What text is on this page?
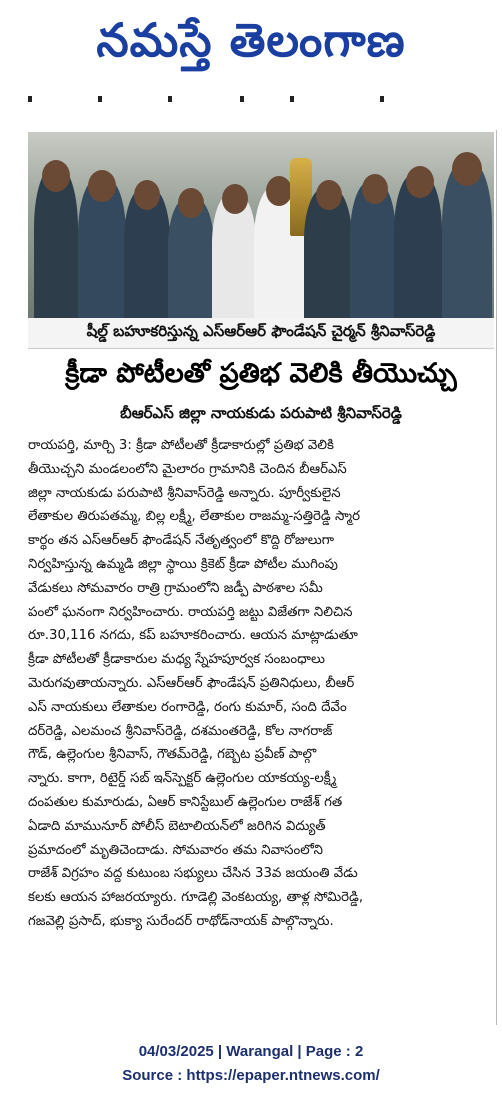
నమస్తే తెలంగాణ
షీల్డ్ బహూకరిస్తున్న ఎస్ఆర్ఆర్ ఫౌండేషన్ చైర్మన్ శ్రీనివాస్‌రెడ్డి
క్రీడా పోటీలతో ప్రతిభ వెలికి తీయొచ్చు
బీఆర్ఎస్ జిల్లా నాయకుడు పరుపాటి శ్రీనివాస్‌రెడ్డి
రాయపర్తి, మార్చి 3: క్రీడా పోటీలతో క్రీడాకారుల్లో ప్రతిభ వెలికి
తీయొచ్చని మండలంలోని మైలారం గ్రామానికి చెందిన బీఆర్ఎస్
జిల్లా నాయకుడు పరుపాటి శ్రీనివాస్‌రెడ్డి అన్నారు. పూర్వీకులైన
లేతాకుల తిరుపతమ్మ, బిల్ల లక్ష్మీ, లేతాకుల రాజమ్మ-సత్తిరెడ్డి స్మార
కార్థం తన ఎస్ఆర్ఆర్ ఫౌండేషన్ నేతృత్వంలో కొద్ది రోజులుగా
నిర్వహిస్తున్న ఉమ్మడి జిల్లా స్థాయి క్రికెట్ క్రీడా పోటీల ముగింపు
వేడుకలు సోమవారం రాత్రి గ్రామంలోని జడ్పీ పాఠశాల సమీ
పంలో ఘనంగా నిర్వహించారు. రాయపర్తి జట్టు విజేతగా నిలిచిన
రూ.30,116 నగదు, కప్ బహూకరించారు. ఆయన మాట్లాడుతూ
క్రీడా పోటీలతో క్రీడాకారుల మధ్య స్నేహపూర్వక సంబంధాలు
మెరుగవుతాయన్నారు. ఎస్ఆర్ఆర్ ఫౌండేషన్ ప్రతినిధులు, బీఆర్
ఎస్ నాయకులు లేతాకుల రంగారెడ్డి, రంగు కుమార్, సంది దేవేం
దర్‌రెడ్డి, ఎలమంచ శ్రీనివాస్‌రెడ్డి, దశమంతరెడ్డి, కోల నాగరాజ్
గౌడ్, ఉల్లెంగుల శ్రీనివాస్, గౌతమ్‌రెడ్డి, గబ్బెట ప్రవీణ్ పాల్గొ
న్నారు. కాగా, రిటైర్డ్ సబ్ ఇన్‌స్పెక్టర్ ఉల్లెంగుల యాకయ్య-లక్ష్మీ
దంపతుల కుమారుడు, ఏఆర్ కానిస్టేబుల్ ఉల్లెంగుల రాజేశ్ గత
ఏడాది మామునూర్ పోలీస్ బెటాలియన్‌లో జరిగిన విద్యుత్
ప్రమాదంలో మృతిచెందాడు. సోమవారం తమ నివాసంలోని
రాజేశ్ విగ్రహం వద్ద కుటుంబ సభ్యులు చేసిన 33వ జయంతి వేడు
కలకు ఆయన హాజరయ్యారు. గూడెల్లి వెంకటయ్య, తాళ్ల సోమిరెడ్డి,
గజవెల్లి ప్రసాద్, భుక్యా సురేందర్ రాథోడ్‌నాయక్ పాల్గొన్నారు.
04/03/2025 | Warangal | Page : 2
Source : https://epaper.ntnews.com/
